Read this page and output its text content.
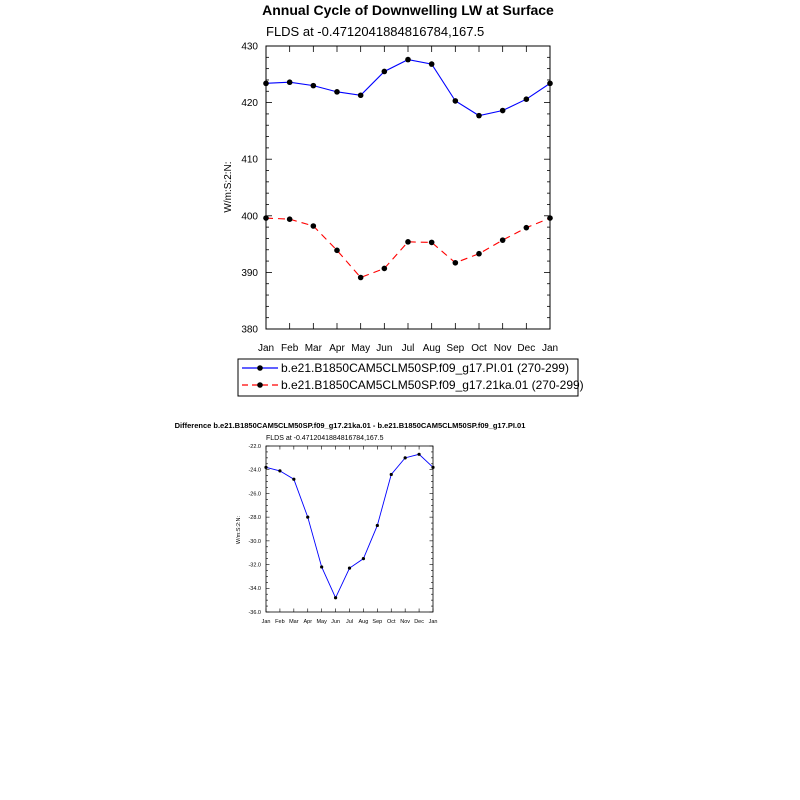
Annual Cycle of Downwelling LW at Surface
FLDS at -0.47120418848167​84,167.5
W/m:S:2:N:
380
390
400
410
420
430
Jan Feb Mar Apr May Jun Jul Aug Sep Oct Nov Dec Jan
b.e21.B1850CAM5CLM50SP.f09_g17.PI.01 (270-299)
b.e21.B1850CAM5CLM50SP.f09_g17.21ka.01 (270-299)
Difference b.e21.B1850CAM5CLM50SP.f09_g17.21ka.01 - b.e21.B1850CAM5CLM50SP.f09_g17.PI.01
FLDS at -0.4712041884816784,167.5
W/m:S:2:N:
-36.0
-34.0
-32.0
-30.0
-28.0
-26.0
-24.0
-22.0
Jan Feb Mar Apr May Jun Jul Aug Sep Oct Nov Dec Jan
